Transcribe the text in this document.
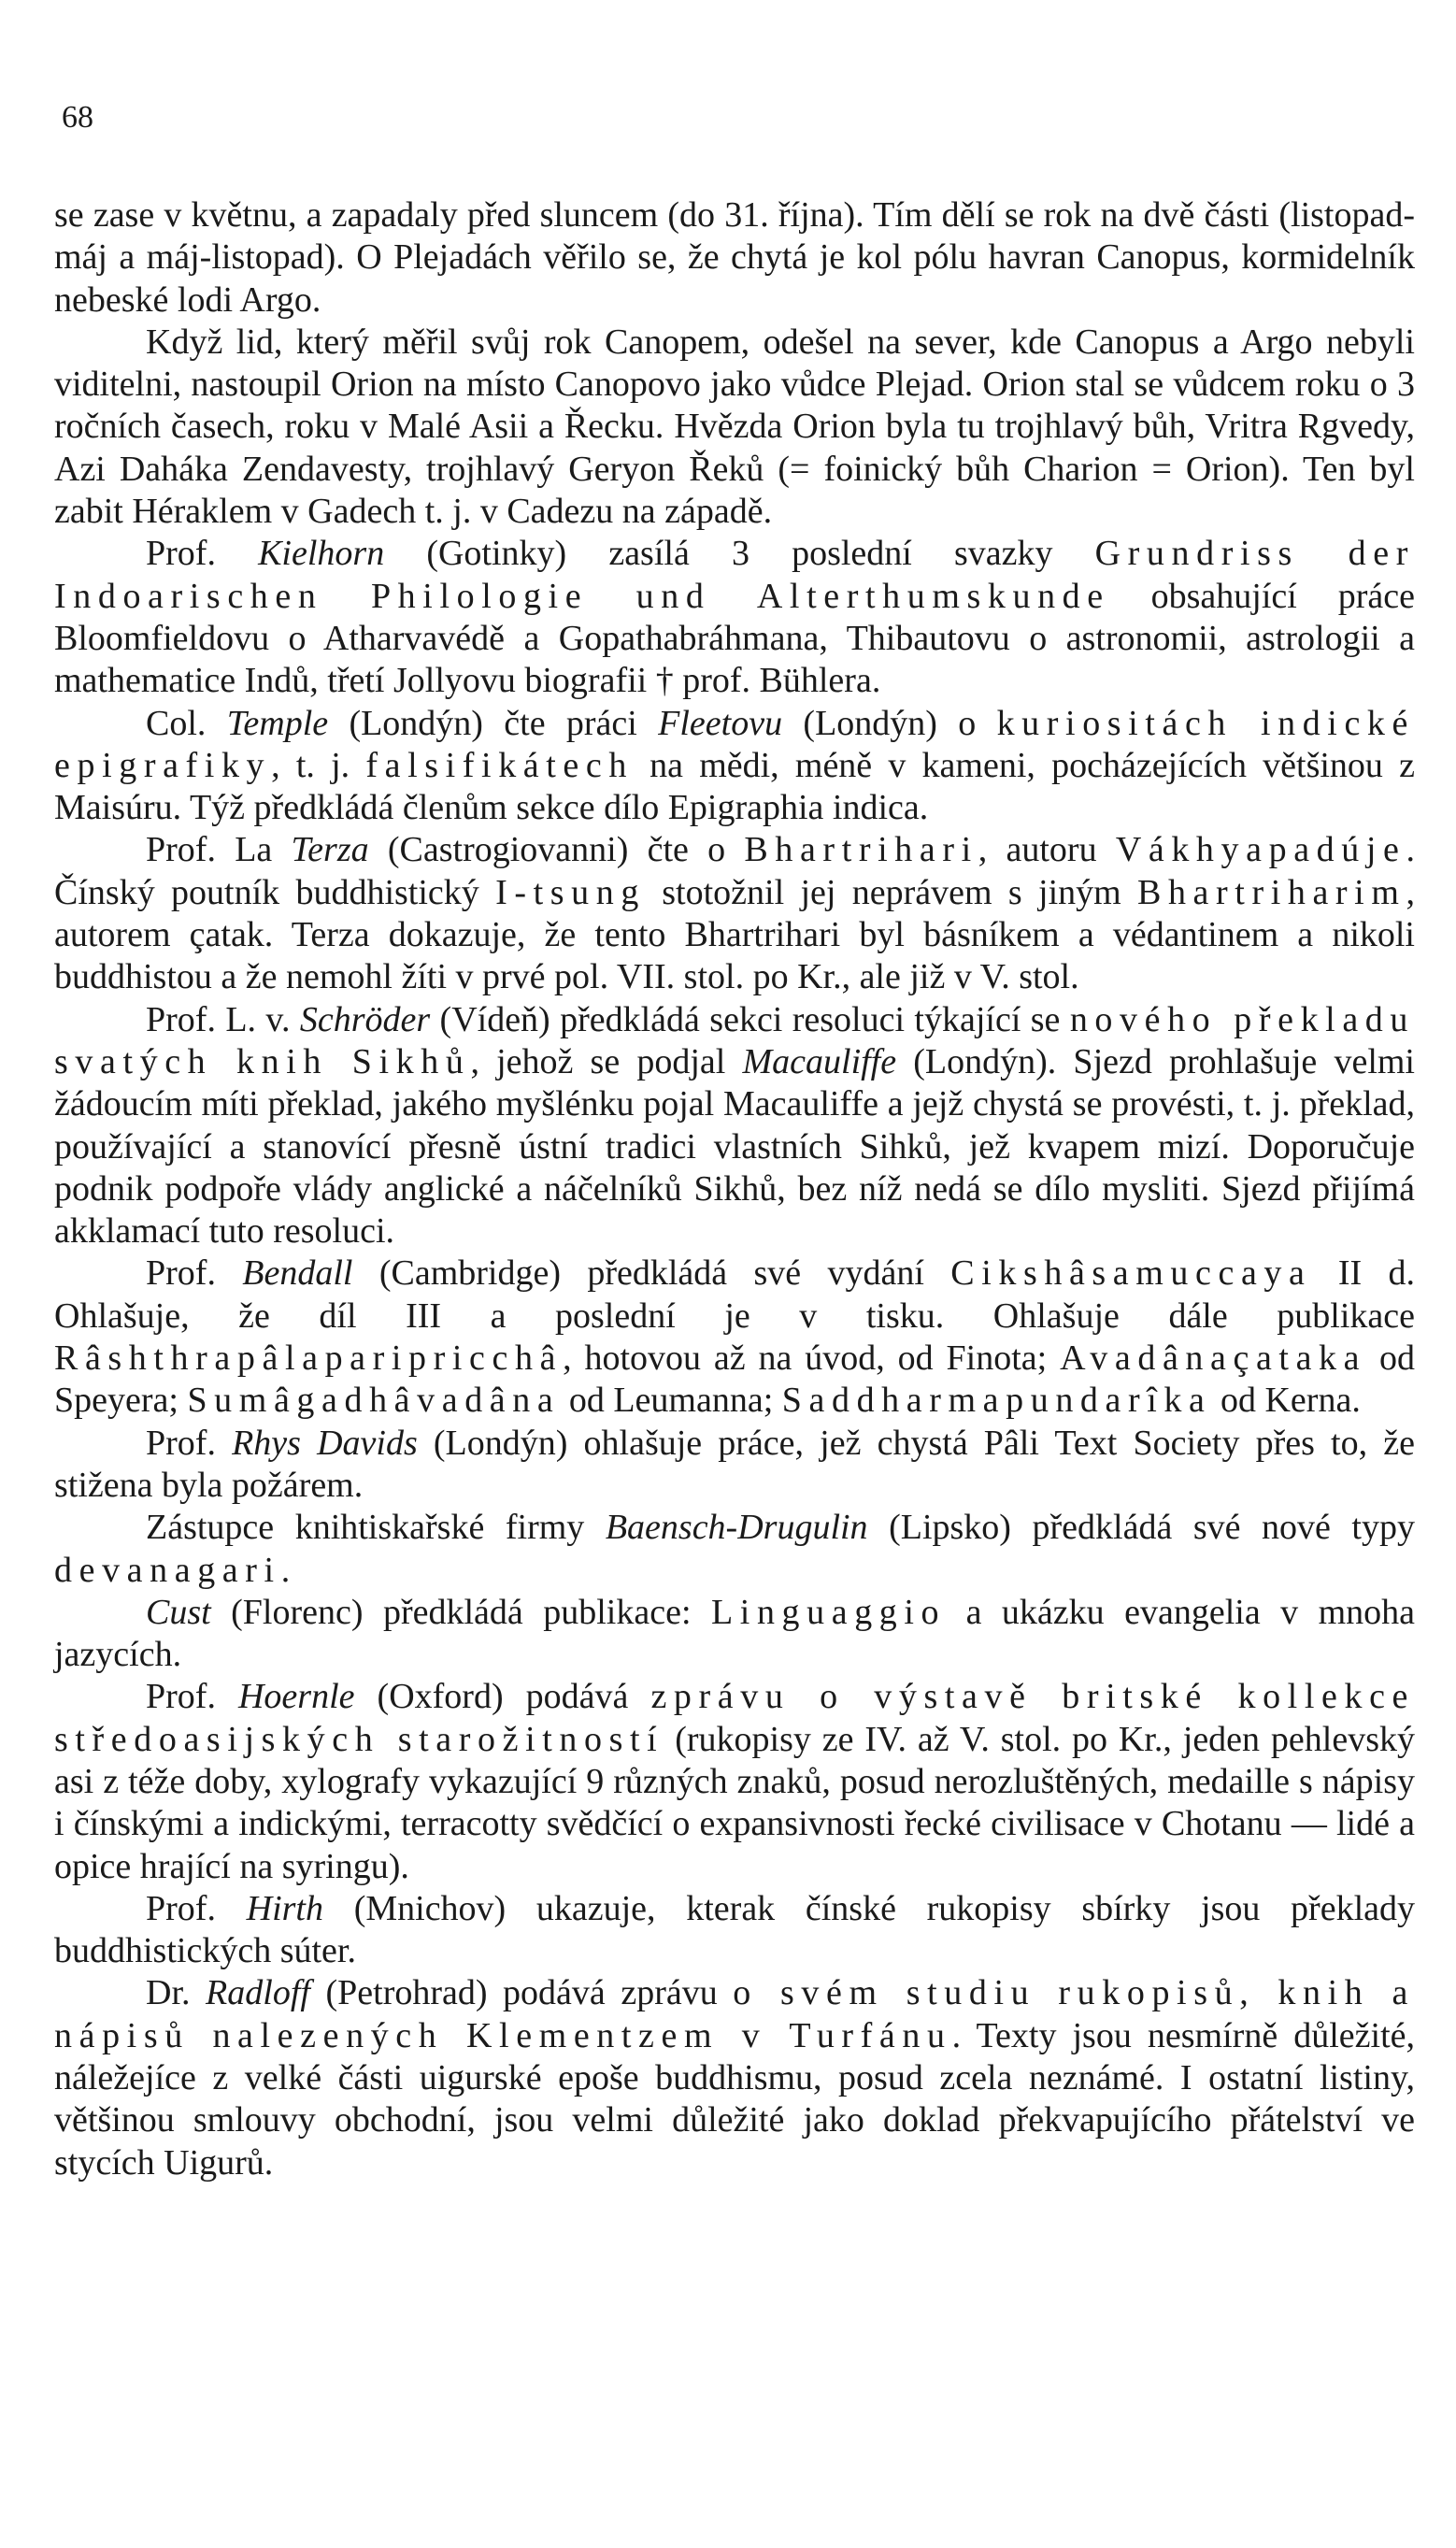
68

se zase v květnu, a zapadaly před sluncem (do 31. října). Tím dělí se rok na dvě části (listopad-máj a máj-listopad). O Plejadách věřilo se, že chytá je kol pólu havran Canopus, kormidelník nebeské lodi Argo.

Když lid, který měřil svůj rok Canopem, odešel na sever, kde Canopus a Argo nebyli viditelni, nastoupil Orion na místo Canopovo jako vůdce Plejad. Orion stal se vůdcem roku o 3 ročních časech, roku v Malé Asii a Řecku. Hvězda Orion byla tu trojhlavý bůh, Vritra Rgvedy, Azi Daháka Zendavesty, trojhlavý Geryon Řeků (= foinický bůh Charion = Orion). Ten byl zabit Héraklem v Gadech t. j. v Cadezu na západě.

Prof. Kielhorn (Gotinky) zasílá 3 poslední svazky Grundriss der Indoarischen Philologie und Alterthumskunde obsahující práce Bloomfieldovu o Atharvavédě a Gopathabráhmana, Thibautovu o astronomii, astrologii a mathematice Indů, třetí Jollyovu biografii † prof. Bühlera.

Col. Temple (Londýn) čte práci Fleetovu (Londýn) o kuriositách indické epigrafiky, t. j. falsifikátech na mědi, méně v kameni, pocházejících většinou z Maisúru. Týž předkládá členům sekce dílo Epigraphia indica.

Prof. La Terza (Castrogiovanni) čte o Bhartrihari, autoru Vákhyapadúje. Čínský poutník buddhistický I-tsung stotožnil jej neprávem s jiným Bhartriharim, autorem çatak. Terza dokazuje, že tento Bhartrihari byl básníkem a védantinem a nikoli buddhistou a že nemohl žíti v prvé pol. VII. stol. po Kr., ale již v V. stol.

Prof. L. v. Schröder (Vídeň) předkládá sekci resoluci týkající se nového překladu svatých knih Sikhů, jehož se podjal Macauliffe (Londýn). Sjezd prohlašuje velmi žádoucím míti překlad, jakého myšlénku pojal Macauliffe a jejž chystá se provésti, t. j. překlad, používající a stanovící přesně ústní tradici vlastních Sihků, jež kvapem mizí. Doporučuje podnik podpoře vlády anglické a náčelníků Sikhů, bez níž nedá se dílo mysliti. Sjezd přijímá akklamací tuto resoluci.

Prof. Bendall (Cambridge) předkládá své vydání Cikshâsamuccaya II d. Ohlašuje, že díl III a poslední je v tisku. Ohlašuje dále publikace Râshthrapâlaparipricchâ, hotovou až na úvod, od Finota; Avadânaçataka od Speyera; Sumâgadhâvadâna od Leumanna; Saddharmapundarîka od Kerna.

Prof. Rhys Davids (Londýn) ohlašuje práce, jež chystá Pâli Text Society přes to, že stižena byla požárem.

Zástupce knihtiskařské firmy Baensch-Drugulin (Lipsko) předkládá své nové typy devanagari.

Cust (Florenc) předkládá publikace: Linguaggio a ukázku evangelia v mnoha jazycích.

Prof. Hoernle (Oxford) podává zprávu o výstavě britské kollekce středoasijských starožitností (rukopisy ze IV. až V. stol. po Kr., jeden pehlevský asi z téže doby, xylografy vykazující 9 různých znaků, posud nerozluštěných, medaille s nápisy i čínskými a indickými, terracotty svědčící o expansivnosti řecké civilisace v Chotanu — lidé a opice hrající na syringu).

Prof. Hirth (Mnichov) ukazuje, kterak čínské rukopisy sbírky jsou překlady buddhistických súter.

Dr. Radloff (Petrohrad) podává zprávu o svém studiu rukopisů, knih a nápisů nalezených Klementzem v Turfánu. Texty jsou nesmírně důležité, náležejíce z velké části uigurské epoše buddhismu, posud zcela neznámé. I ostatní listiny, většinou smlouvy obchodní, jsou velmi důležité jako doklad překvapujícího přátelství ve stycích Uigurů.
